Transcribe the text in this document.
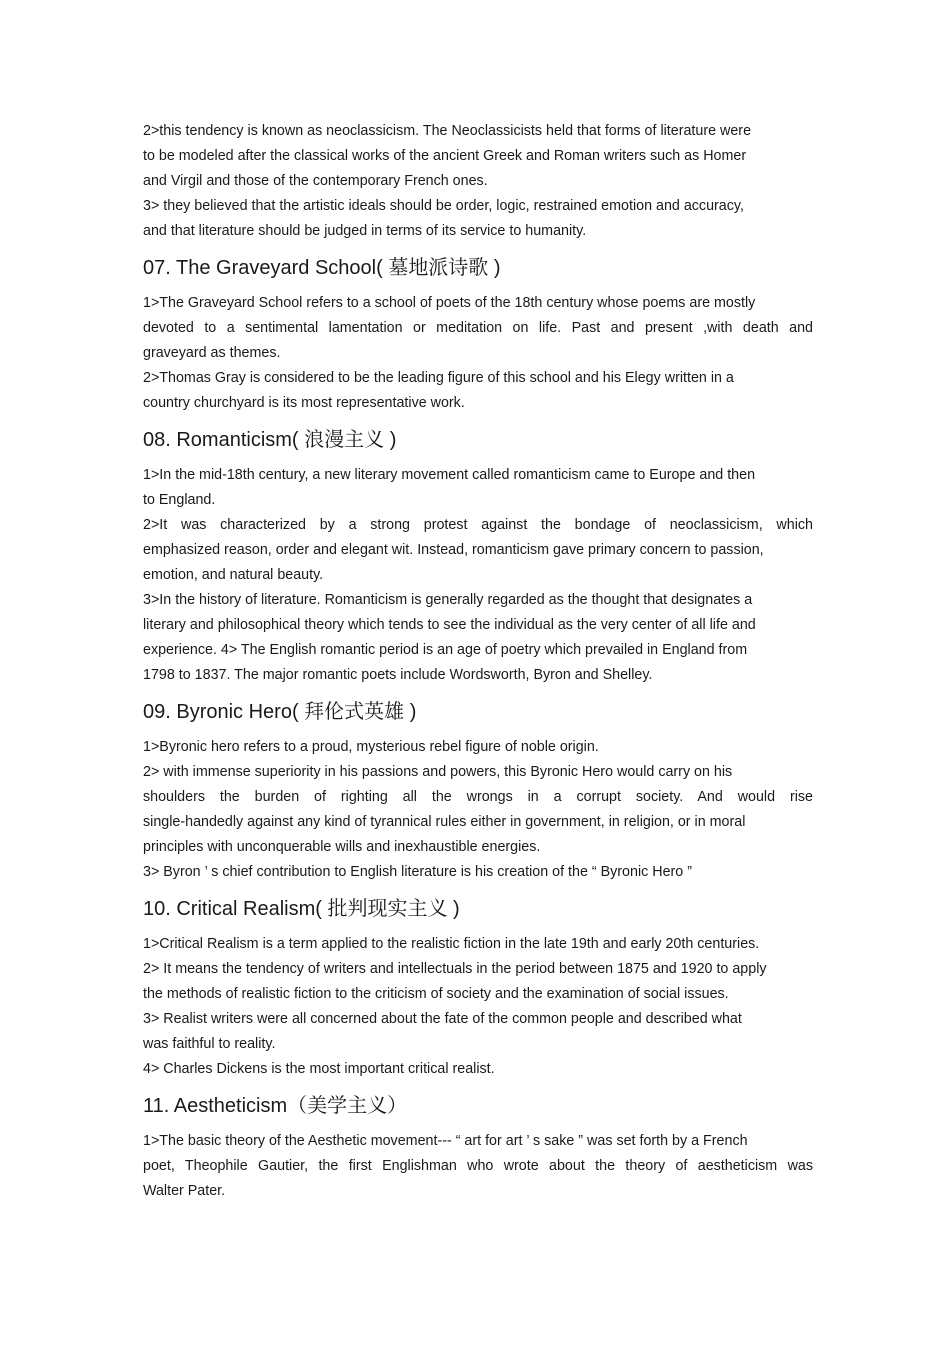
2>this tendency is known as neoclassicism. The Neoclassicists held that forms of literature were
to be modeled after the classical works of the ancient Greek and Roman writers such as Homer
and Virgil and those of the contemporary French ones.
3> they believed that the artistic ideals should be order, logic, restrained emotion and accuracy,
and that literature should be judged in terms of its service to humanity.
07. The Graveyard School( 墓地派诗歌 )
1>The Graveyard School refers to a school of poets of the 18th century whose poems are mostly
devoted to a sentimental lamentation or meditation on life. Past and present ,with death and
graveyard as themes.
2>Thomas Gray is considered to be the leading figure of this school and his Elegy written in a
country churchyard is its most representative work.
08. Romanticism( 浪漫主义 )
1>In the mid-18th century, a new literary movement called romanticism came to Europe and then
to England.
2>It was characterized by a strong protest against the bondage of neoclassicism, which
emphasized reason, order and elegant wit. Instead, romanticism gave primary concern to passion,
emotion, and natural beauty.
3>In the history of literature. Romanticism is generally regarded as the thought that designates a
literary and philosophical theory which tends to see the individual as the very center of all life and
experience. 4> The English romantic period is an age of poetry which prevailed in England from
1798 to 1837. The major romantic poets include Wordsworth, Byron and Shelley.
09. Byronic Hero( 拜伦式英雄 )
1>Byronic hero refers to a proud, mysterious rebel figure of noble origin.
2> with immense superiority in his passions and powers, this Byronic Hero would carry on his
shoulders the burden of righting all the wrongs in a corrupt society. And would rise
single-handedly against any kind of tyrannical rules either in government, in religion, or in moral
principles with unconquerable wills and inexhaustible energies.
3> Byron ’ s chief contribution to English literature is his creation of the “ Byronic Hero ”
10. Critical Realism( 批判现实主义 )
1>Critical Realism is a term applied to the realistic fiction in the late 19th and early 20th centuries.
2> It means the tendency of writers and intellectuals in the period between 1875 and 1920 to apply
the methods of realistic fiction to the criticism of society and the examination of social issues.
3> Realist writers were all concerned about the fate of the common people and described what
was faithful to reality.
4> Charles Dickens is the most important critical realist.
11. Aestheticism（美学主义）
1>The basic theory of the Aesthetic movement--- “ art for art ’ s sake ” was set forth by a French
poet, Theophile Gautier, the first Englishman who wrote about the theory of aestheticism was
Walter Pater.
